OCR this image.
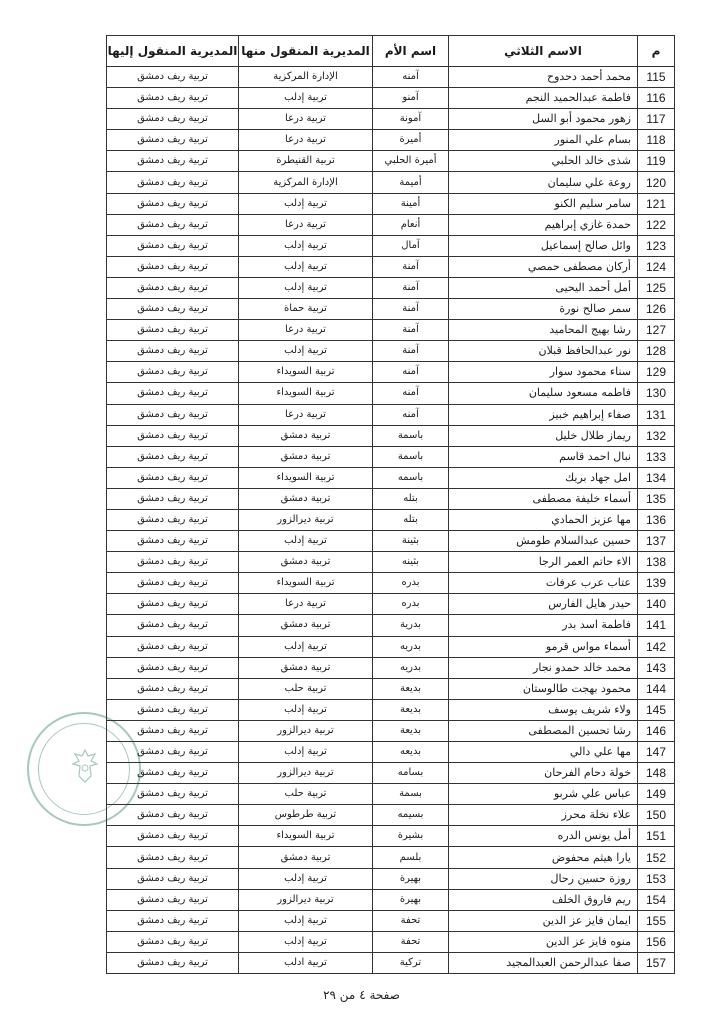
م	الاسم الثلاثي	اسم الأم	المديرية المنقول منها	المديرية المنقول إليها
115	محمد أحمد دحدوح	آمنه	الإدارة المركزية	تربية ريف دمشق
116	فاطمة عبدالحميد النجم	آمنو	تربية إدلب	تربية ريف دمشق
117	زهور محمود أبو السل	آمونة	تربية درعا	تربية ريف دمشق
118	بسام علي المنور	أميرة	تربية درعا	تربية ريف دمشق
119	شذى خالد الحلبي	أميرة الحلبي	تربية القنيطرة	تربية ريف دمشق
120	روعة علي سليمان	أميمة	الإدارة المركزية	تربية ريف دمشق
121	سامر سليم الكنو	أمينة	تربية إدلب	تربية ريف دمشق
122	حمدة غازي إبراهيم	أنعام	تربية درعا	تربية ريف دمشق
123	وائل صالح إسماعيل	آمال	تربية إدلب	تربية ريف دمشق
124	أركان مصطفى حمصي	آمنة	تربية إدلب	تربية ريف دمشق
125	أمل أحمد اليحيى	آمنة	تربية إدلب	تربية ريف دمشق
126	سمر صالح نورة	آمنة	تربية حماة	تربية ريف دمشق
127	رشا بهيج المحاميد	آمنة	تربية درعا	تربية ريف دمشق
128	نور عبدالحافظ قبلان	آمنة	تربية إدلب	تربية ريف دمشق
129	سناء محمود سوار	آمنه	تربية السويداء	تربية ريف دمشق
130	فاطمه مسعود سليمان	آمنه	تربية السويداء	تربية ريف دمشق
131	صفاء إبراهيم خبيز	آمنه	تربية درعا	تربية ريف دمشق
132	ريماز طلال خليل	باسمة	تربية دمشق	تربية ريف دمشق
133	نبال احمد قاسم	باسمة	تربية دمشق	تربية ريف دمشق
134	امل جهاد بريك	باسمه	تربية السويداء	تربية ريف دمشق
135	أسماء خليفة مصطفى	بتله	تربية دمشق	تربية ريف دمشق
136	مها عزيز الحمادي	بتله	تربية ديرالزور	تربية ريف دمشق
137	حسين عبدالسلام طومش	بثينة	تربية إدلب	تربية ريف دمشق
138	الاء حاتم العمر الرجا	بثينه	تربية دمشق	تربية ريف دمشق
139	عتاب عرب عرفات	بدره	تربية السويداء	تربية ريف دمشق
140	حيدر هايل الفارس	بدره	تربية درعا	تربية ريف دمشق
141	فاطمة اسد بدر	بدرية	تربية دمشق	تربية ريف دمشق
142	أسماء مواس قرمو	بدريه	تربية إدلب	تربية ريف دمشق
143	محمد خالد حمدو نجار	بدريه	تربية دمشق	تربية ريف دمشق
144	محمود بهجت طالوستان	بديعة	تربية حلب	تربية ريف دمشق
145	ولاء شريف يوسف	بديعة	تربية إدلب	تربية ريف دمشق
146	رشا تحسين المصطفى	بديعة	تربية ديرالزور	تربية ريف دمشق
147	مها علي دالي	بديعه	تربية إدلب	تربية ريف دمشق
148	خولة دحام الفرحان	بسامه	تربية ديرالزور	تربية ريف دمشق
149	عباس علي شربو	بسمة	تربية حلب	تربية ريف دمشق
150	علاء نخلة محرز	بسيمه	تربية طرطوس	تربية ريف دمشق
151	أمل يونس الدره	بشيرة	تربية السويداء	تربية ريف دمشق
152	يارا هيثم محفوض	بلسم	تربية دمشق	تربية ريف دمشق
153	روزة حسين رحال	بهيرة	تربية إدلب	تربية ريف دمشق
154	ريم فاروق الخلف	بهيرة	تربية ديرالزور	تربية ريف دمشق
155	ايمان فايز عز الدين	تحفة	تربية إدلب	تربية ريف دمشق
156	منوه فايز عز الدين	تحفة	تربية إدلب	تربية ريف دمشق
157	صفا عبدالرحمن العبدالمجيد	تركية	تربية ادلب	تربية ريف دمشق
صفحة ٤ من ٢٩
